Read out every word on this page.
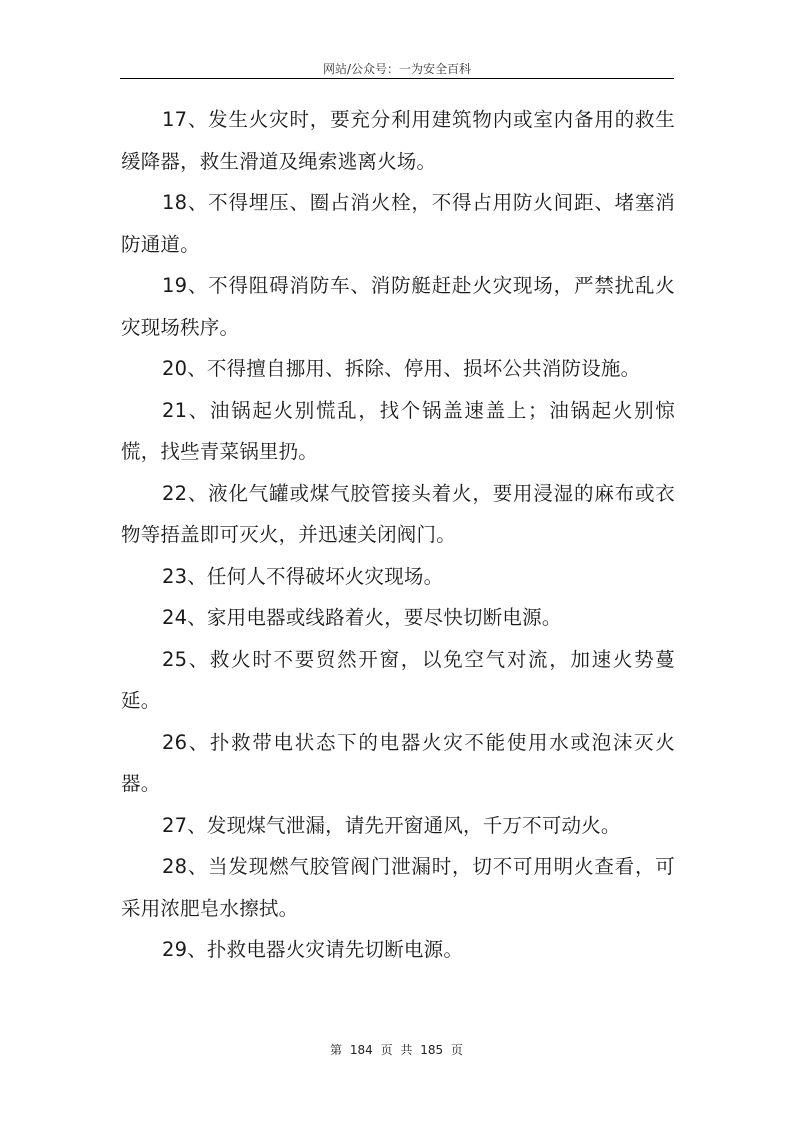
网站/公众号：一为安全百科

17、发生火灾时，要充分利用建筑物内或室内备用的救生缓降器，救生滑道及绳索逃离火场。

18、不得埋压、圈占消火栓，不得占用防火间距、堵塞消防通道。

19、不得阻碍消防车、消防艇赶赴火灾现场，严禁扰乱火灾现场秩序。

20、不得擅自挪用、拆除、停用、损坏公共消防设施。

21、油锅起火别慌乱，找个锅盖速盖上；油锅起火别惊慌，找些青菜锅里扔。

22、液化气罐或煤气胶管接头着火，要用浸湿的麻布或衣物等捂盖即可灭火，并迅速关闭阀门。

23、任何人不得破坏火灾现场。

24、家用电器或线路着火，要尽快切断电源。

25、救火时不要贸然开窗，以免空气对流，加速火势蔓延。

26、扑救带电状态下的电器火灾不能使用水或泡沫灭火器。

27、发现煤气泄漏，请先开窗通风，千万不可动火。

28、当发现燃气胶管阀门泄漏时，切不可用明火查看，可采用浓肥皂水擦拭。

29、扑救电器火灾请先切断电源。

第 184 页 共 185 页
